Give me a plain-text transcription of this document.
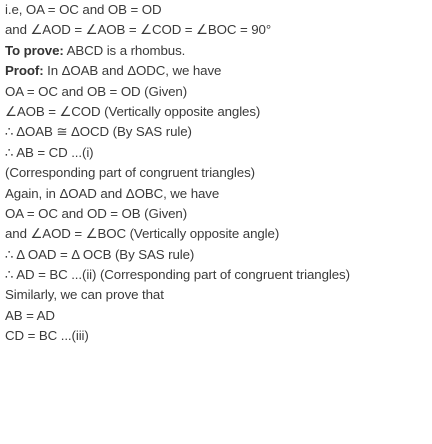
i.e, OA = OC and OB = OD
and ∠AOD = ∠AOB = ∠COD = ∠BOC = 90°
To prove: ABCD is a rhombus.
Proof: In ΔOAB and ΔODC, we have
OA = OC and OB = OD (Given)
∠AOB = ∠COD (Vertically opposite angles)
∴ ΔOAB ≅ ΔOCD (By SAS rule)
∴ AB = CD ...(i)
(Corresponding part of congruent triangles)
Again, in ΔOAD and ΔOBC, we have
OA = OC and OD = OB (Given)
and ∠AOD = ∠BOC (Vertically opposite angle)
∴ Δ OAD = Δ OCB (By SAS rule)
∴ AD = BC ...(ii) (Corresponding part of congruent triangles)
Similarly, we can prove that
AB = AD
CD = BC ...(iii)
